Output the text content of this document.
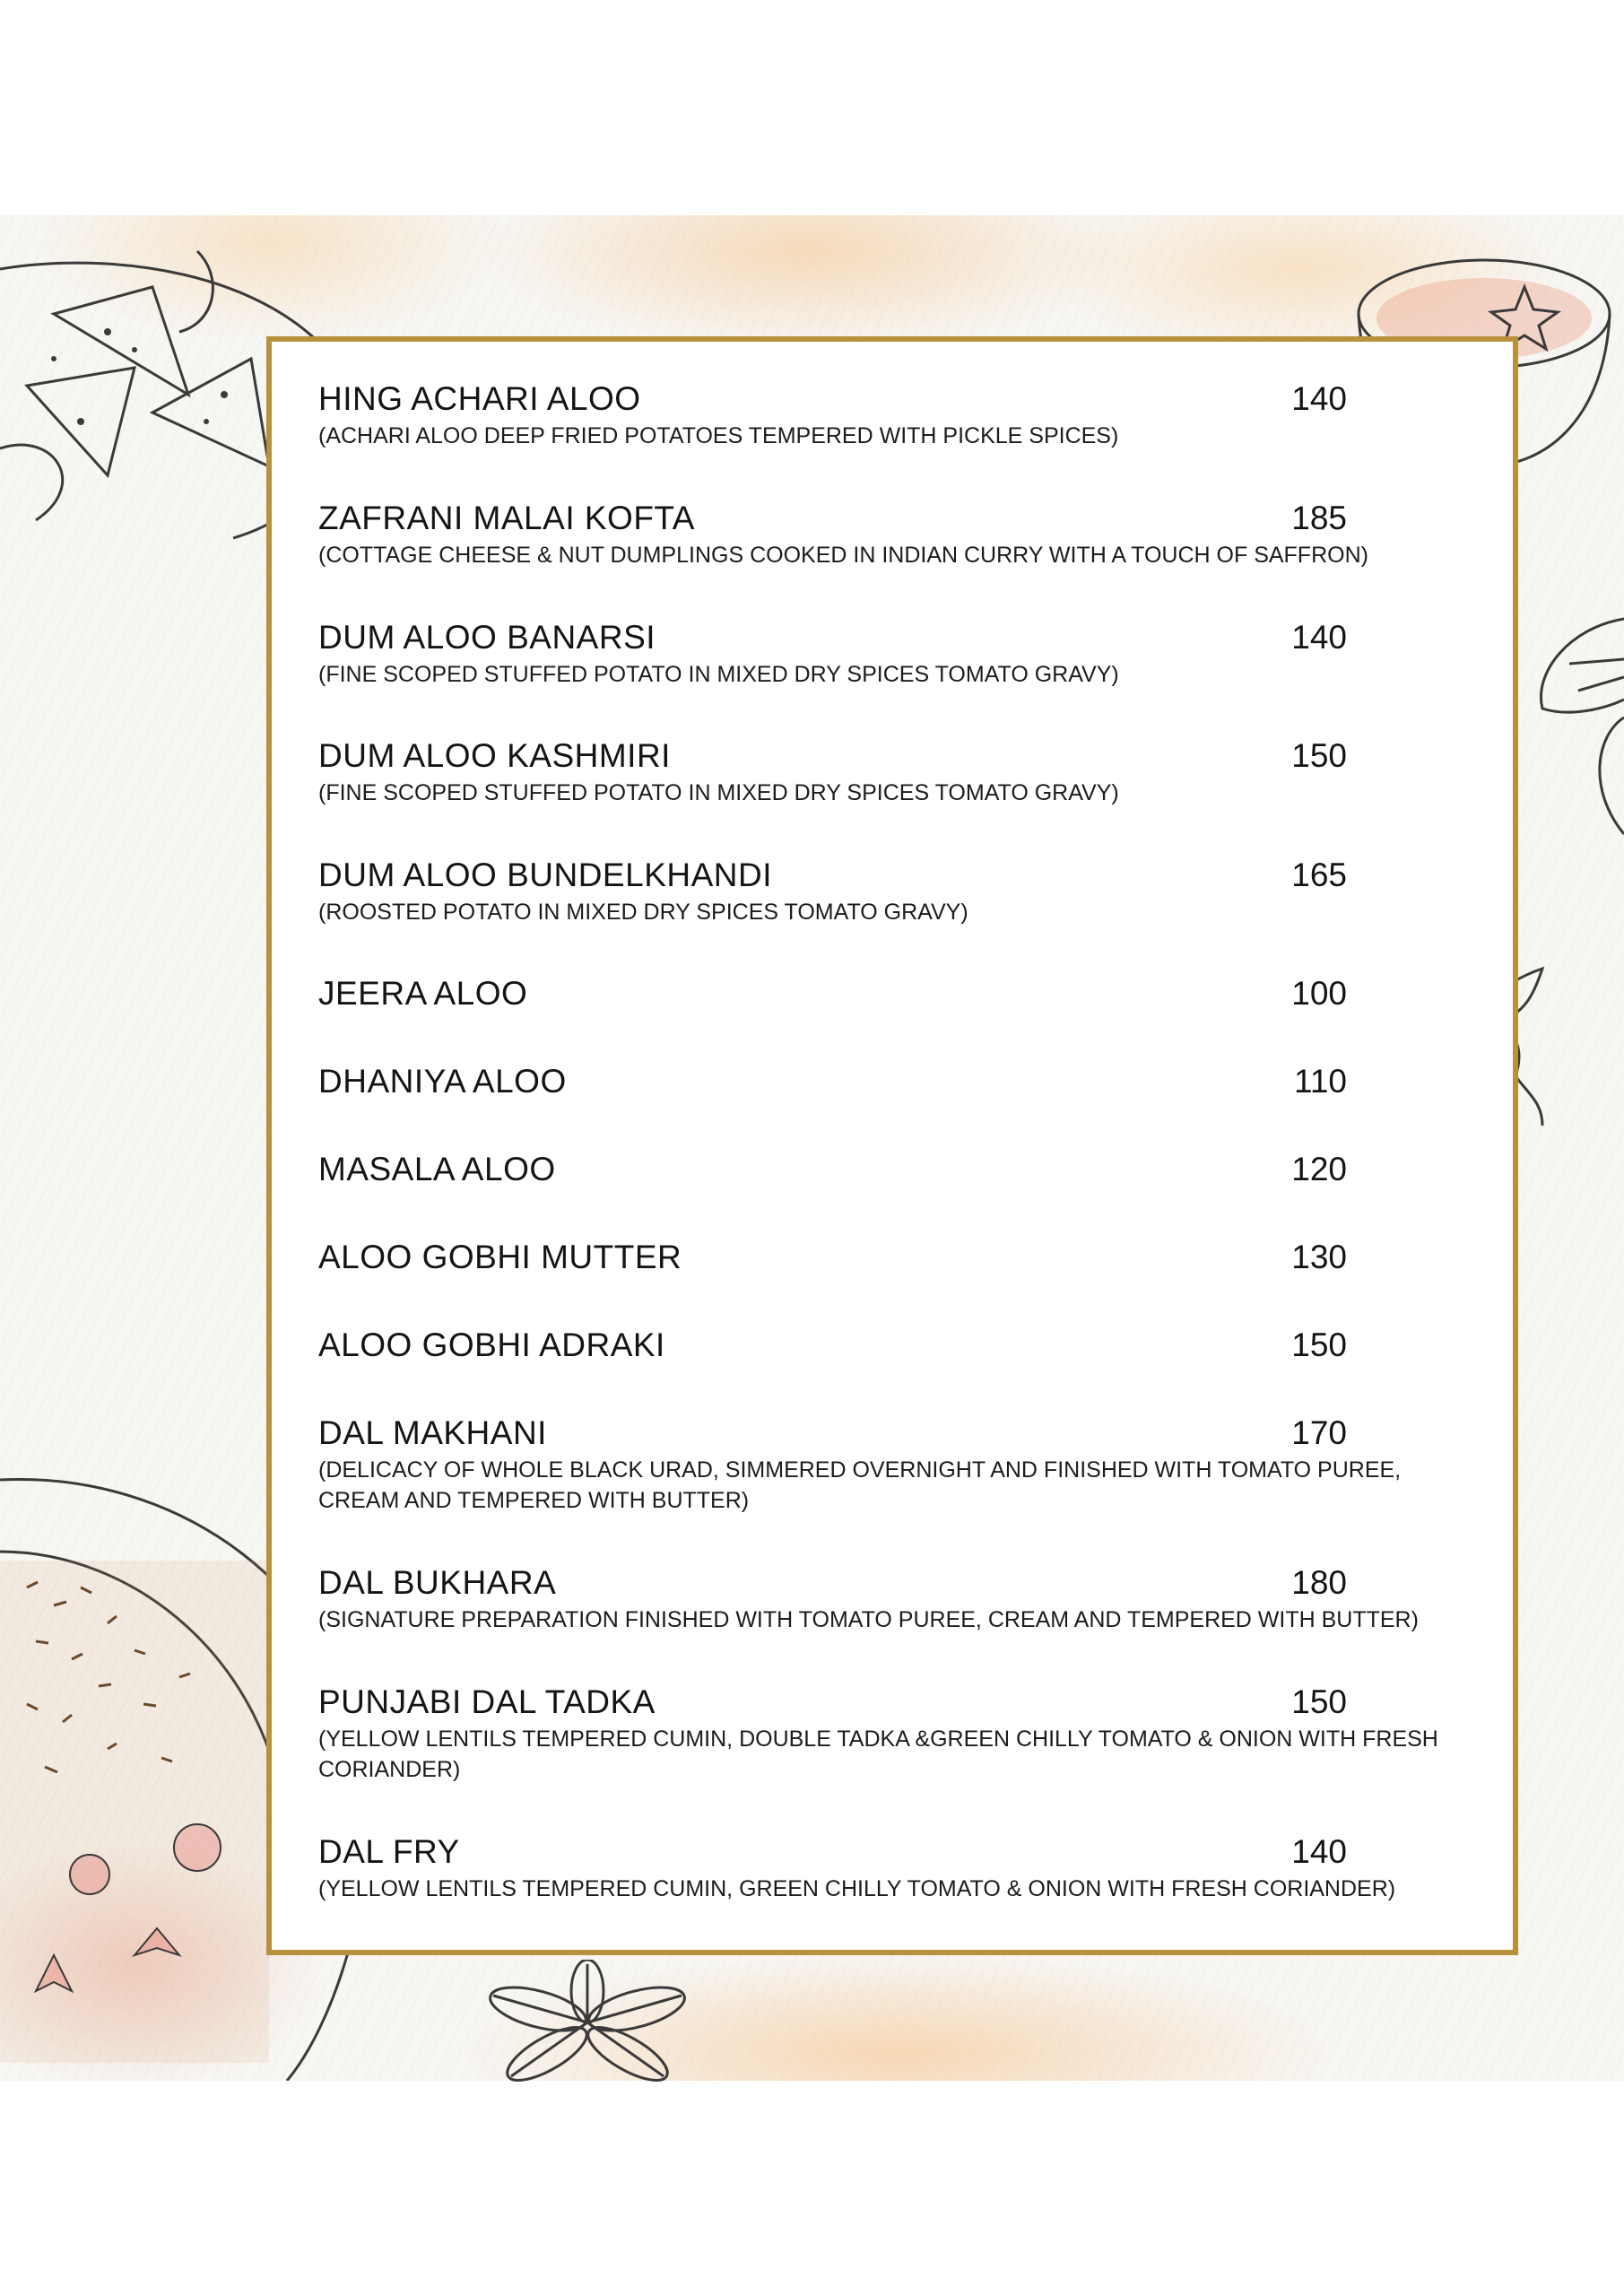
HING ACHARI ALOO	140
(ACHARI ALOO DEEP FRIED POTATOES TEMPERED WITH PICKLE SPICES)
ZAFRANI MALAI KOFTA	185
(COTTAGE CHEESE & NUT DUMPLINGS COOKED IN INDIAN CURRY WITH A TOUCH OF SAFFRON)
DUM ALOO BANARSI	140
(FINE SCOPED STUFFED POTATO IN MIXED DRY SPICES TOMATO GRAVY)
DUM ALOO KASHMIRI	150
(FINE SCOPED STUFFED POTATO IN MIXED DRY SPICES TOMATO GRAVY)
DUM ALOO BUNDELKHANDI	165
(ROOSTED POTATO IN MIXED DRY SPICES TOMATO GRAVY)
JEERA ALOO	100
DHANIYA ALOO	110
MASALA ALOO	120
ALOO GOBHI MUTTER	130
ALOO GOBHI ADRAKI	150
DAL MAKHANI	170
(DELICACY OF WHOLE BLACK URAD, SIMMERED OVERNIGHT AND FINISHED WITH TOMATO PUREE, CREAM AND TEMPERED WITH BUTTER)
DAL BUKHARA	180
(SIGNATURE PREPARATION FINISHED WITH TOMATO PUREE, CREAM AND TEMPERED WITH BUTTER)
PUNJABI DAL TADKA	150
(YELLOW LENTILS TEMPERED CUMIN, DOUBLE TADKA &GREEN CHILLY TOMATO & ONION WITH FRESH CORIANDER)
DAL FRY	140
(YELLOW LENTILS TEMPERED CUMIN, GREEN CHILLY TOMATO & ONION WITH FRESH CORIANDER)
